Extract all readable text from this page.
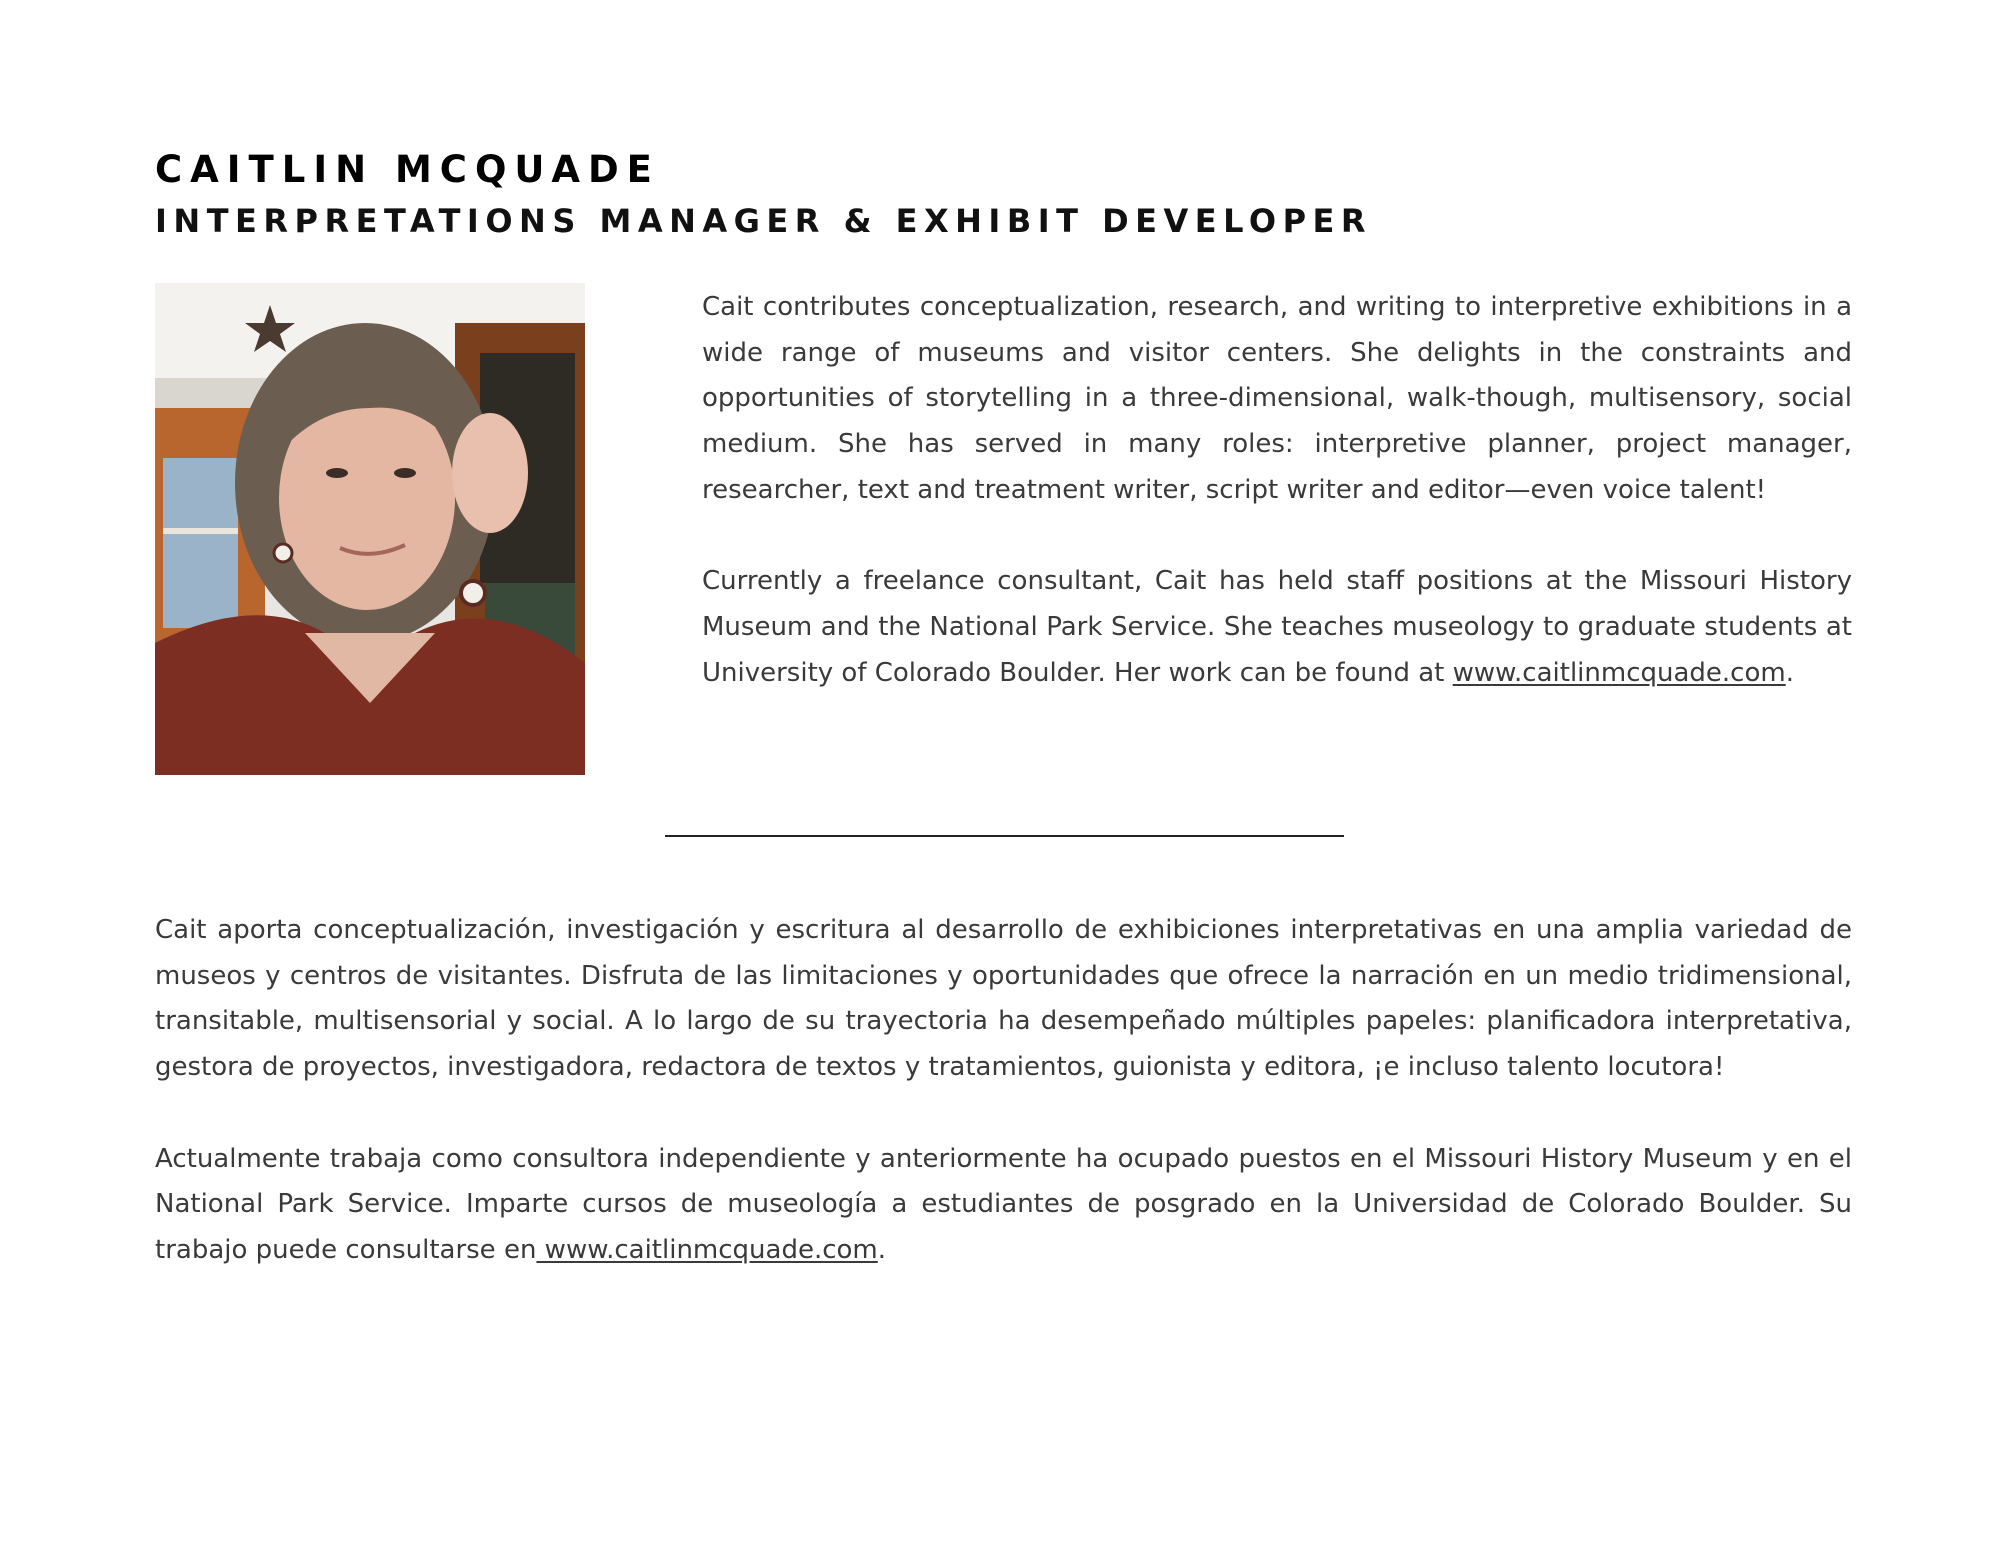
CAITLIN MCQUADE
INTERPRETATIONS MANAGER & EXHIBIT DEVELOPER

Cait contributes conceptualization, research, and writing to interpretive exhibitions in a wide range of museums and visitor centers. She delights in the constraints and opportunities of storytelling in a three-dimensional, walk-though, multisensory, social medium. She has served in many roles: interpretive planner, project manager, researcher, text and treatment writer, script writer and editor—even voice talent!

Currently a freelance consultant, Cait has held staff positions at the Missouri History Museum and the National Park Service. She teaches museology to graduate students at University of Colorado Boulder. Her work can be found at www.caitlinmcquade.com.

Cait aporta conceptualización, investigación y escritura al desarrollo de exhibiciones interpretativas en una amplia variedad de museos y centros de visitantes. Disfruta de las limitaciones y oportunidades que ofrece la narración en un medio tridimensional, transitable, multisensorial y social. A lo largo de su trayectoria ha desempeñado múltiples papeles: planificadora interpretativa, gestora de proyectos, investigadora, redactora de textos y tratamientos, guionista y editora, ¡e incluso talento locutora!

Actualmente trabaja como consultora independiente y anteriormente ha ocupado puestos en el Missouri History Museum y en el National Park Service. Imparte cursos de museología a estudiantes de posgrado en la Universidad de Colorado Boulder. Su trabajo puede consultarse en www.caitlinmcquade.com.
